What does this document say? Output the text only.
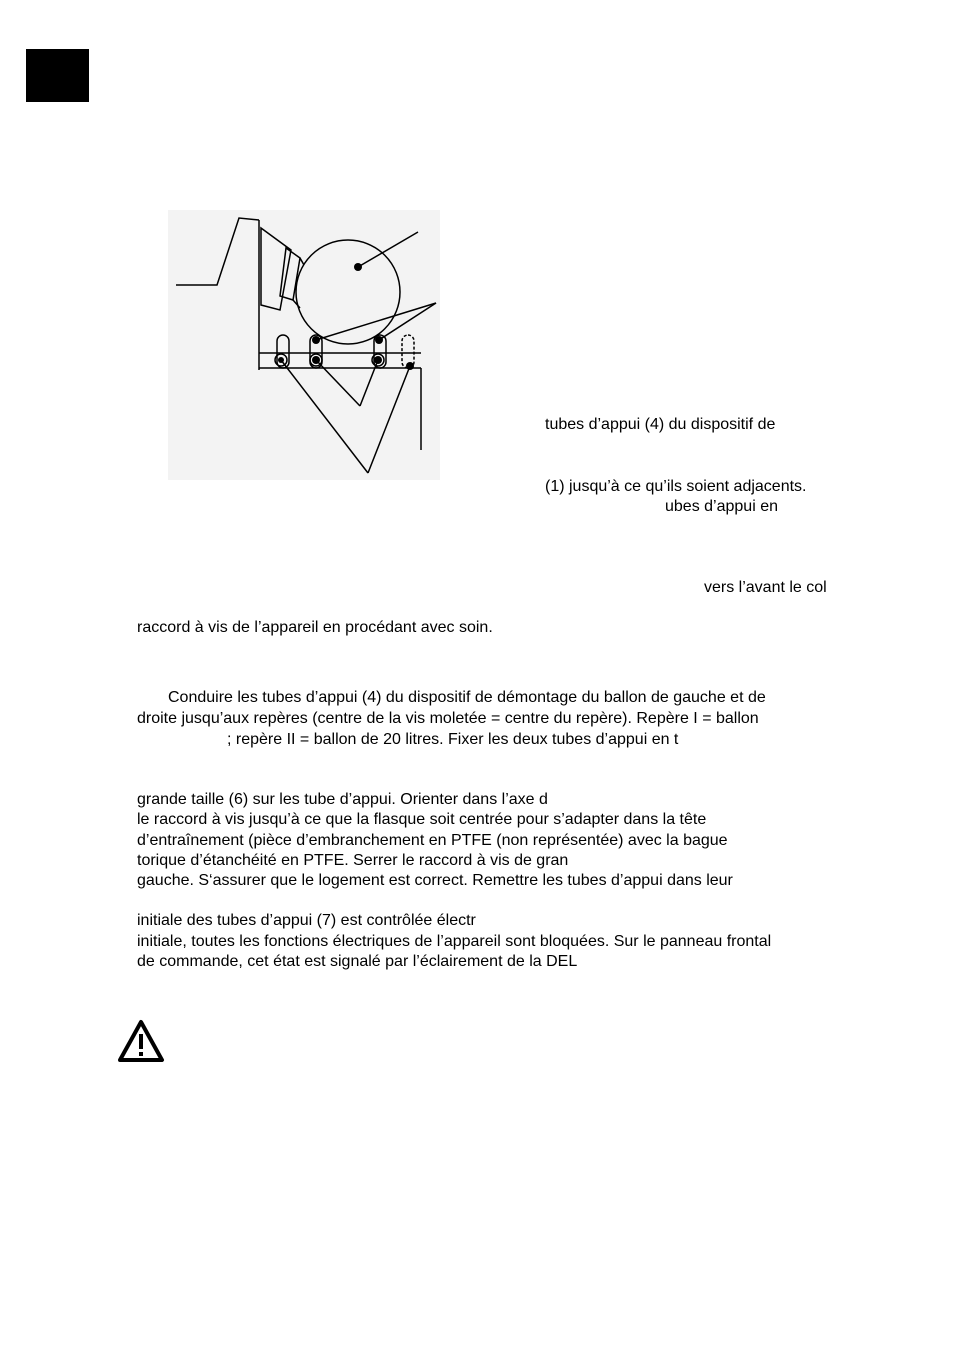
tubes d’appui (4) du dispositif de
(1) jusqu’à ce qu’ils soient adjacents.
ubes d’appui en
vers l’avant le col
raccord à vis de l’appareil en procédant avec soin.
Conduire les tubes d’appui (4) du dispositif de démontage du ballon de gauche et de
droite jusqu’aux repères (centre de la vis moletée = centre du repère). Repère I = ballon
; repère II = ballon de 20 litres. Fixer les deux tubes d’appui en t
grande taille (6) sur les tube d’appui. Orienter dans l’axe d
le raccord à vis jusqu’à ce que la flasque soit centrée pour s’adapter dans la tête
d’entraînement (pièce d’embranchement en PTFE (non représentée) avec la bague
torique d’étanchéité en PTFE. Serrer le raccord à vis de gran
gauche. S‘assurer que le logement est correct. Remettre les tubes d’appui dans leur
initiale des tubes d’appui (7) est contrôlée électr
initiale, toutes les fonctions électriques de l’appareil sont bloquées. Sur le panneau frontal
de commande, cet état est signalé par l’éclairement de la DEL
